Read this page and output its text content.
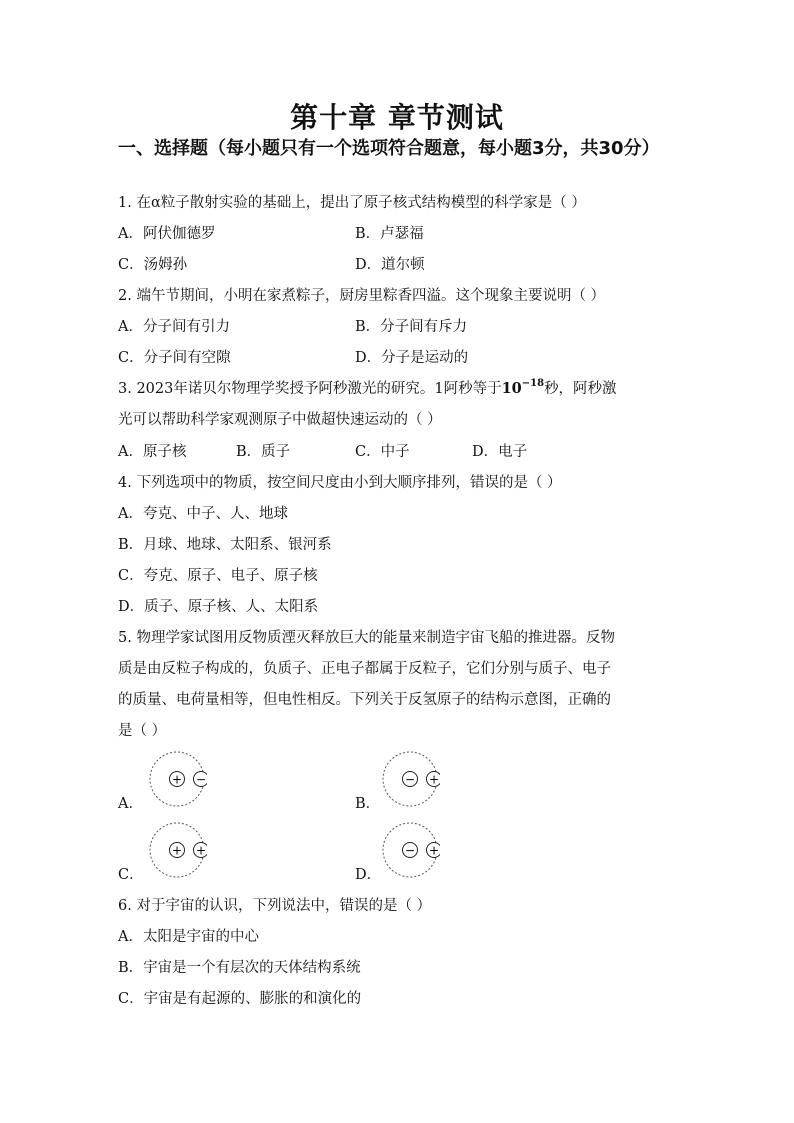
第十章 章节测试
一、选择题（每小题只有一个选项符合题意，每小题3分，共30分）
1. 在α粒子散射实验的基础上，提出了原子核式结构模型的科学家是（ ）
A．阿伏伽德罗	B．卢瑟福
C．汤姆孙	D．道尔顿
2. 端午节期间，小明在家煮粽子，厨房里粽香四溢。这个现象主要说明（ ）
A．分子间有引力	B．分子间有斥力
C．分子间有空隙	D．分子是运动的
3. 2023年诺贝尔物理学奖授予阿秒激光的研究。1阿秒等于$10^{-18}$秒，阿秒激
光可以帮助科学家观测原子中做超快速运动的（ ）
A．原子核	B．质子	C．中子	D．电子
4. 下列选项中的物质，按空间尺度由小到大顺序排列，错误的是（ ）
A．夸克、中子、人、地球
B．月球、地球、太阳系、银河系
C．夸克、原子、电子、原子核
D．质子、原子核、人、太阳系
5. 物理学家试图用反物质湮灭释放巨大的能量来制造宇宙飞船的推进器。反物
质是由反粒子构成的，负质子、正电子都属于反粒子，它们分别与质子、电子
的质量、电荷量相等，但电性相反。下列关于反氢原子的结构示意图，正确的
是（ ）
A．
+ −
B．
− +
C．
+ +
D．
− +
6. 对于宇宙的认识，下列说法中，错误的是（ ）
A．太阳是宇宙的中心
B．宇宙是一个有层次的天体结构系统
C．宇宙是有起源的、膨胀的和演化的
